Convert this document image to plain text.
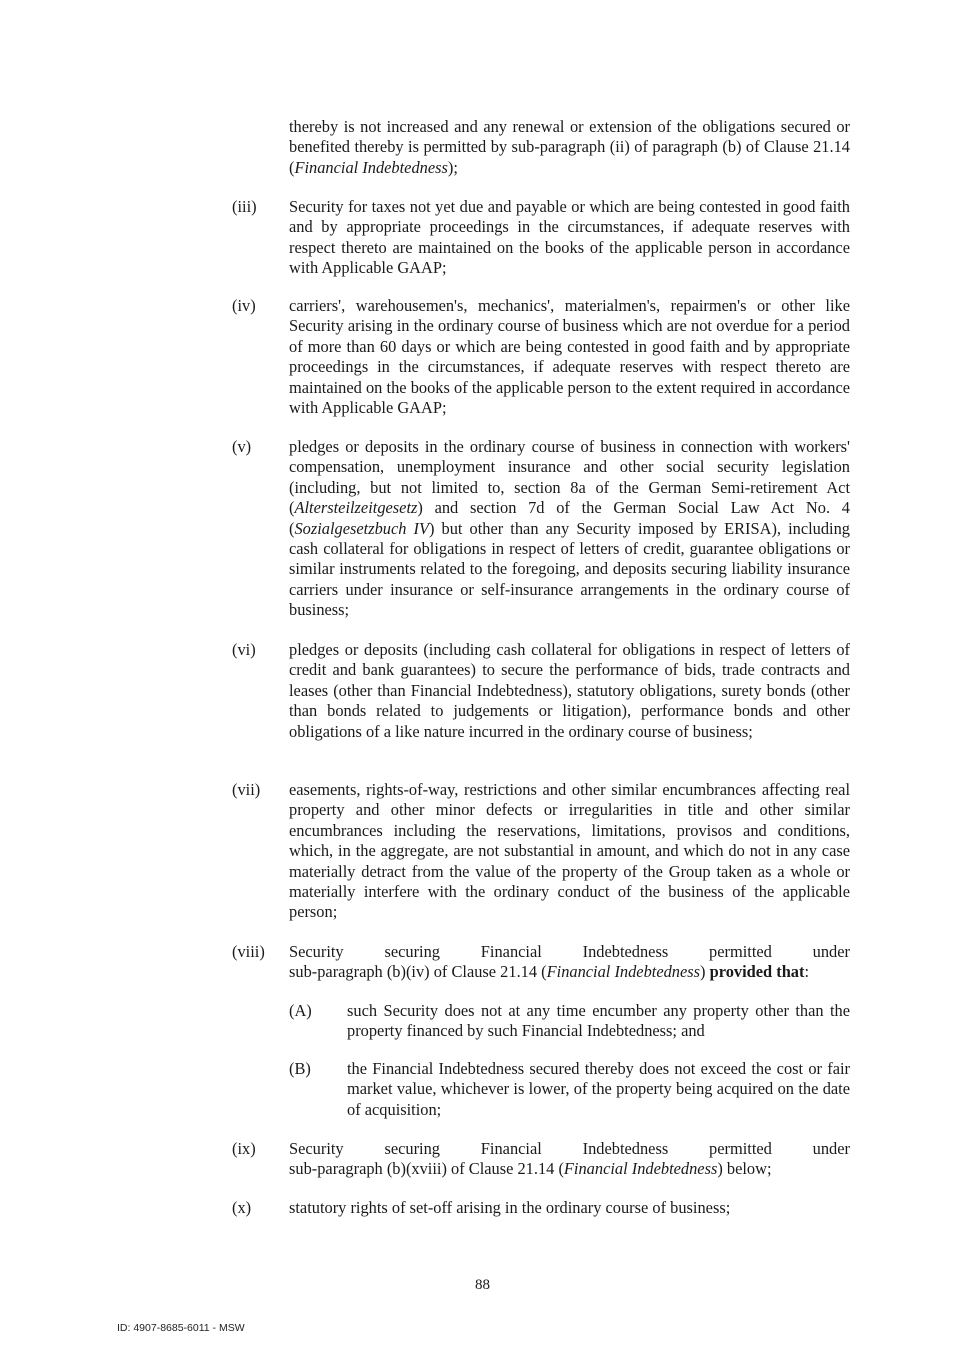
thereby is not increased and any renewal or extension of the obligations secured or benefited thereby is permitted by sub-paragraph (ii) of paragraph (b) of Clause 21.14 (Financial Indebtedness);
(iii) Security for taxes not yet due and payable or which are being contested in good faith and by appropriate proceedings in the circumstances, if adequate reserves with respect thereto are maintained on the books of the applicable person in accordance with Applicable GAAP;
(iv) carriers', warehousemen's, mechanics', materialmen's, repairmen's or other like Security arising in the ordinary course of business which are not overdue for a period of more than 60 days or which are being contested in good faith and by appropriate proceedings in the circumstances, if adequate reserves with respect thereto are maintained on the books of the applicable person to the extent required in accordance with Applicable GAAP;
(v) pledges or deposits in the ordinary course of business in connection with workers' compensation, unemployment insurance and other social security legislation (including, but not limited to, section 8a of the German Semi-retirement Act (Altersteilzeitgesetz) and section 7d of the German Social Law Act No. 4 (Sozialgesetzbuch IV) but other than any Security imposed by ERISA), including cash collateral for obligations in respect of letters of credit, guarantee obligations or similar instruments related to the foregoing, and deposits securing liability insurance carriers under insurance or self-insurance arrangements in the ordinary course of business;
(vi) pledges or deposits (including cash collateral for obligations in respect of letters of credit and bank guarantees) to secure the performance of bids, trade contracts and leases (other than Financial Indebtedness), statutory obligations, surety bonds (other than bonds related to judgements or litigation), performance bonds and other obligations of a like nature incurred in the ordinary course of business;
(vii) easements, rights-of-way, restrictions and other similar encumbrances affecting real property and other minor defects or irregularities in title and other similar encumbrances including the reservations, limitations, provisos and conditions, which, in the aggregate, are not substantial in amount, and which do not in any case materially detract from the value of the property of the Group taken as a whole or materially interfere with the ordinary conduct of the business of the applicable person;
(viii) Security securing Financial Indebtedness permitted under
sub-paragraph (b)(iv) of Clause 21.14 (Financial Indebtedness) provided that:
(A) such Security does not at any time encumber any property other than the property financed by such Financial Indebtedness; and
(B) the Financial Indebtedness secured thereby does not exceed the cost or fair market value, whichever is lower, of the property being acquired on the date of acquisition;
(ix) Security securing Financial Indebtedness permitted under
sub-paragraph (b)(xviii) of Clause 21.14 (Financial Indebtedness) below;
(x) statutory rights of set-off arising in the ordinary course of business;
88
ID: 4907-8685-6011 - MSW
